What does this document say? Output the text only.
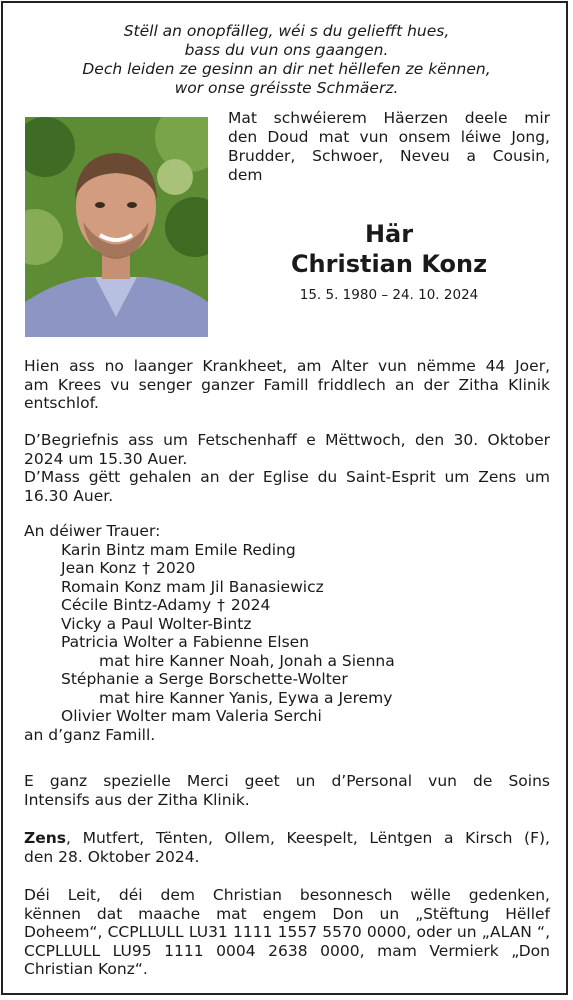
Stëll an onopfälleg, wéi s du geliefft hues,
bass du vun ons gaangen.
Dech leiden ze gesinn an dir net hëllefen ze kënnen,
wor onse gréisste Schmäerz.
Mat schwéierem Häerzen deele mir
den Doud mat vun onsem léiwe Jong,
Brudder, Schwoer, Neveu a Cousin,
dem
Här
Christian Konz
15. 5. 1980 – 24. 10. 2024
Hien ass no laanger Krankheet, am Alter vun nëmme 44 Joer,
am Krees vu senger ganzer Famill friddlech an der Zitha Klinik
entschlof.
D’Begriefnis ass um Fetschenhaff e Mëttwoch, den 30. Oktober
2024 um 15.30 Auer.
D’Mass gëtt gehalen an der Eglise du Saint-Esprit um Zens um
16.30 Auer.
An déiwer Trauer:
Karin Bintz mam Emile Reding
Jean Konz † 2020
Romain Konz mam Jil Banasiewicz
Cécile Bintz-Adamy † 2024
Vicky a Paul Wolter-Bintz
Patricia Wolter a Fabienne Elsen
mat hire Kanner Noah, Jonah a Sienna
Stéphanie a Serge Borschette-Wolter
mat hire Kanner Yanis, Eywa a Jeremy
Olivier Wolter mam Valeria Serchi
an d’ganz Famill.
E ganz spezielle Merci geet un d’Personal vun de Soins
Intensifs aus der Zitha Klinik.
Zens, Mutfert, Tënten, Ollem, Keespelt, Lëntgen a Kirsch (F),
den 28. Oktober 2024.
Déi Leit, déi dem Christian besonnesch wëlle gedenken,
kënnen dat maache mat engem Don un „Stëftung Hëllef
Doheem“, CCPLLULL LU31 1111 1557 5570 0000, oder un „ALAN “,
CCPLLULL LU95 1111 0004 2638 0000, mam Vermierk „Don
Christian Konz“.
